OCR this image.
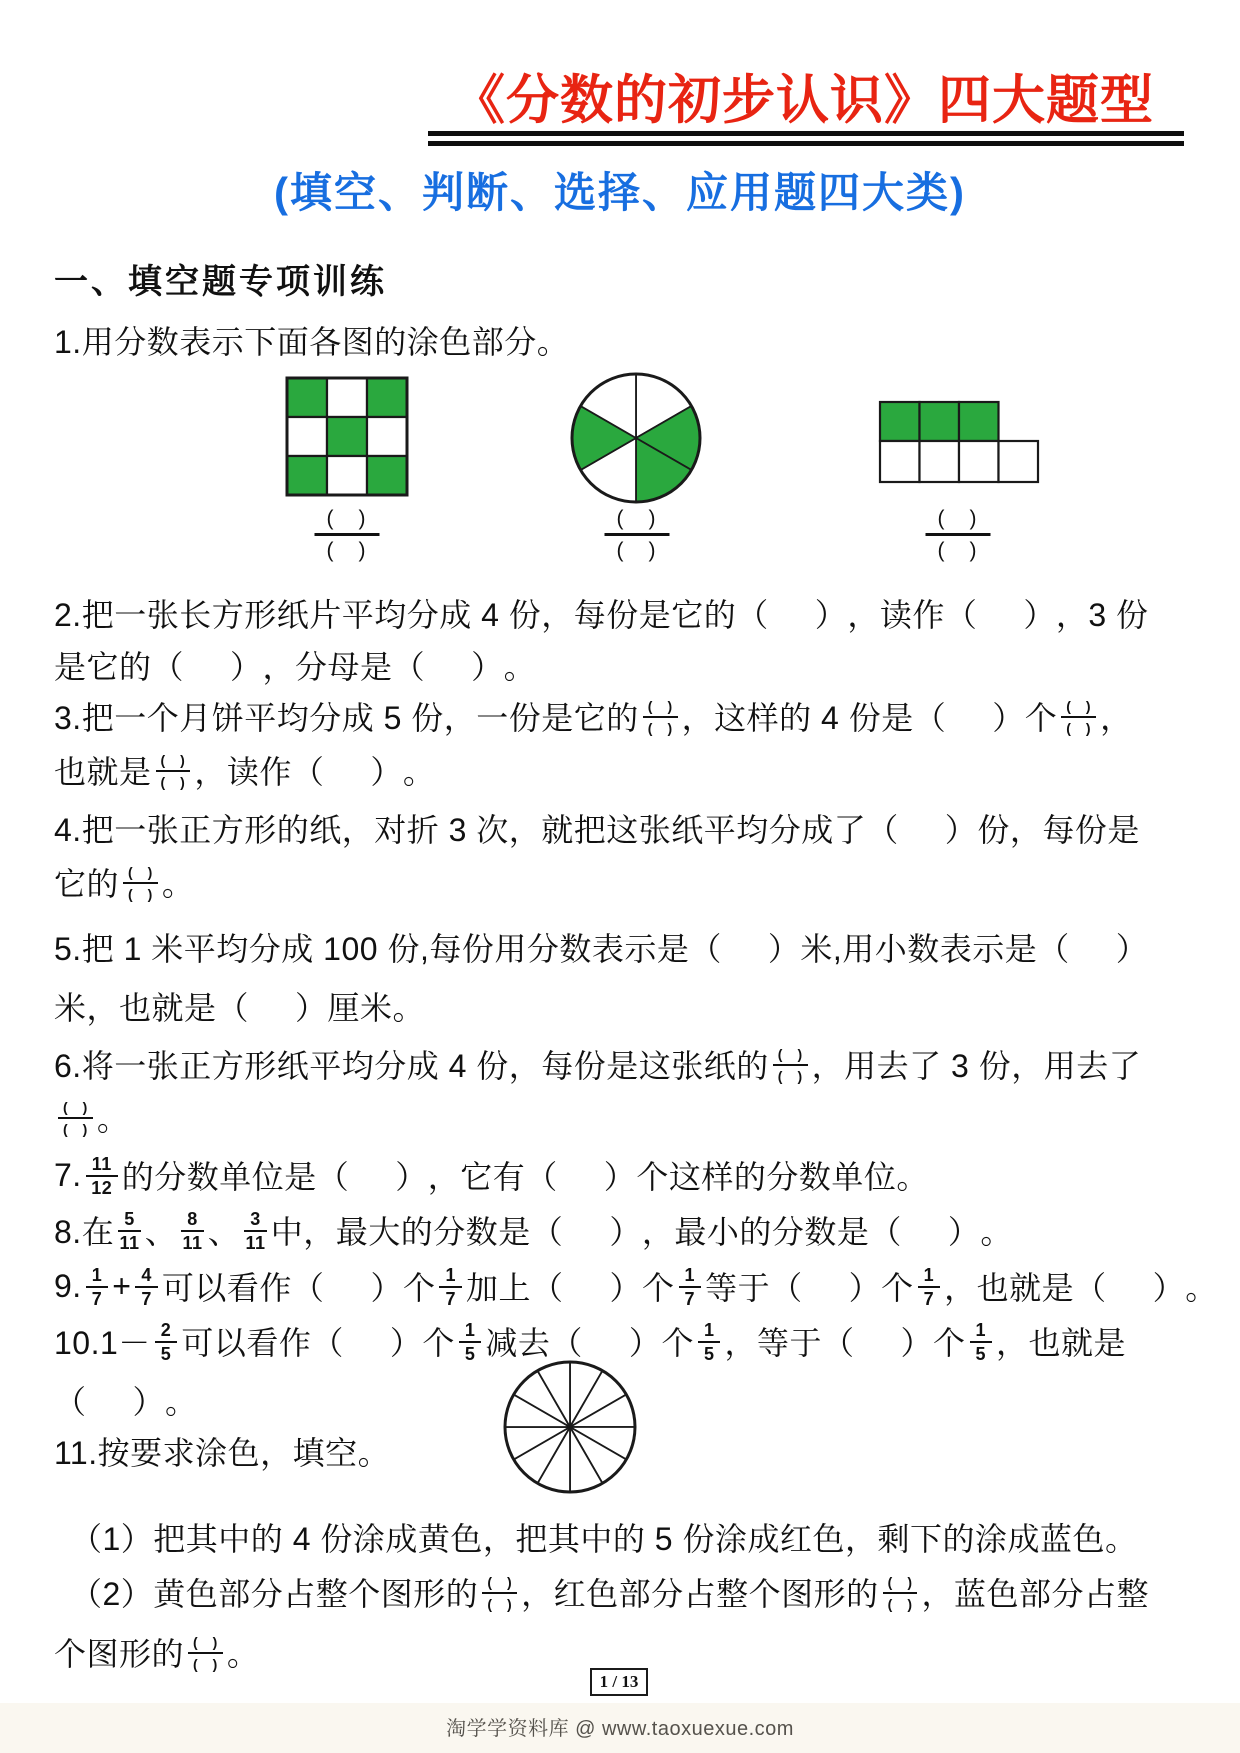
《分数的初步认识》四大题型
(填空、判断、选择、应用题四大类)
一、填空题专项训练
1 / 13
淘学学资料库 @ www.taoxuexue.com
1.用分数表示下面各图的涂色部分。
2.把一张长方形纸片平均分成 4 份，每份是它的 （ ） ，读作 （ ） ，3 份
是它的 （ ） ，分母是 （ ） 。
3.把一个月饼平均分成 5 份，一份是它的 $\frac{( )}{( )}$ ，这样的 4 份是 （ ） 个 $\frac{( )}{( )}$ ，
也就是 $\frac{( )}{( )}$ ，读作 （ ） 。
4.把一张正方形的纸，对折 3 次，就把这张纸平均分成了 （ ） 份，每份是
它的 $\frac{( )}{( )}$ 。
5.把 1 米平均分成 100 份,每份用分数表示是 （ ） 米,用小数表示是 （ ）
米，也就是 （ ） 厘米。
6.将一张正方形纸平均分成 4 份，每份是这张纸的 $\frac{( )}{( )}$ ，用去了 3 份，用去了
$\frac{( )}{( )}$ 。
7. $\frac{11}{12}$ 的分数单位是 （ ） ，它有 （ ） 个这样的分数单位。
8.在 $\frac{5}{11}$ 、 $\frac{8}{11}$ 、 $\frac{3}{11}$ 中，最大的分数是 （ ） ，最小的分数是 （ ） 。
9. $\frac{1}{7} + \frac{4}{7}$ 可以看作 （ ） 个 $\frac{1}{7}$ 加上 （ ） 个 $\frac{1}{7}$ 等于 （ ） 个 $\frac{1}{7}$ ，也就是 （ ） 。
$10.1- \frac{2}{5}$ 可以看作 （ ） 个 $\frac{1}{5}$ 减去 （ ） 个 $\frac{1}{5}$ ，等于 （ ） 个 $\frac{1}{5}$ ，也就是
（ ） 。
11.按要求涂色，填空。
（1）把其中的 4 份涂成黄色，把其中的 5 份涂成红色，剩下的涂成蓝色。
（2）黄色部分占整个图形的 $\frac{( )}{( )}$ ，红色部分占整个图形的 $\frac{( )}{( )}$ ，蓝色部分占整
个图形的 $\frac{( )}{( )}$ 。
(　)
(　)
(　)
(　)
(　)
(　)
